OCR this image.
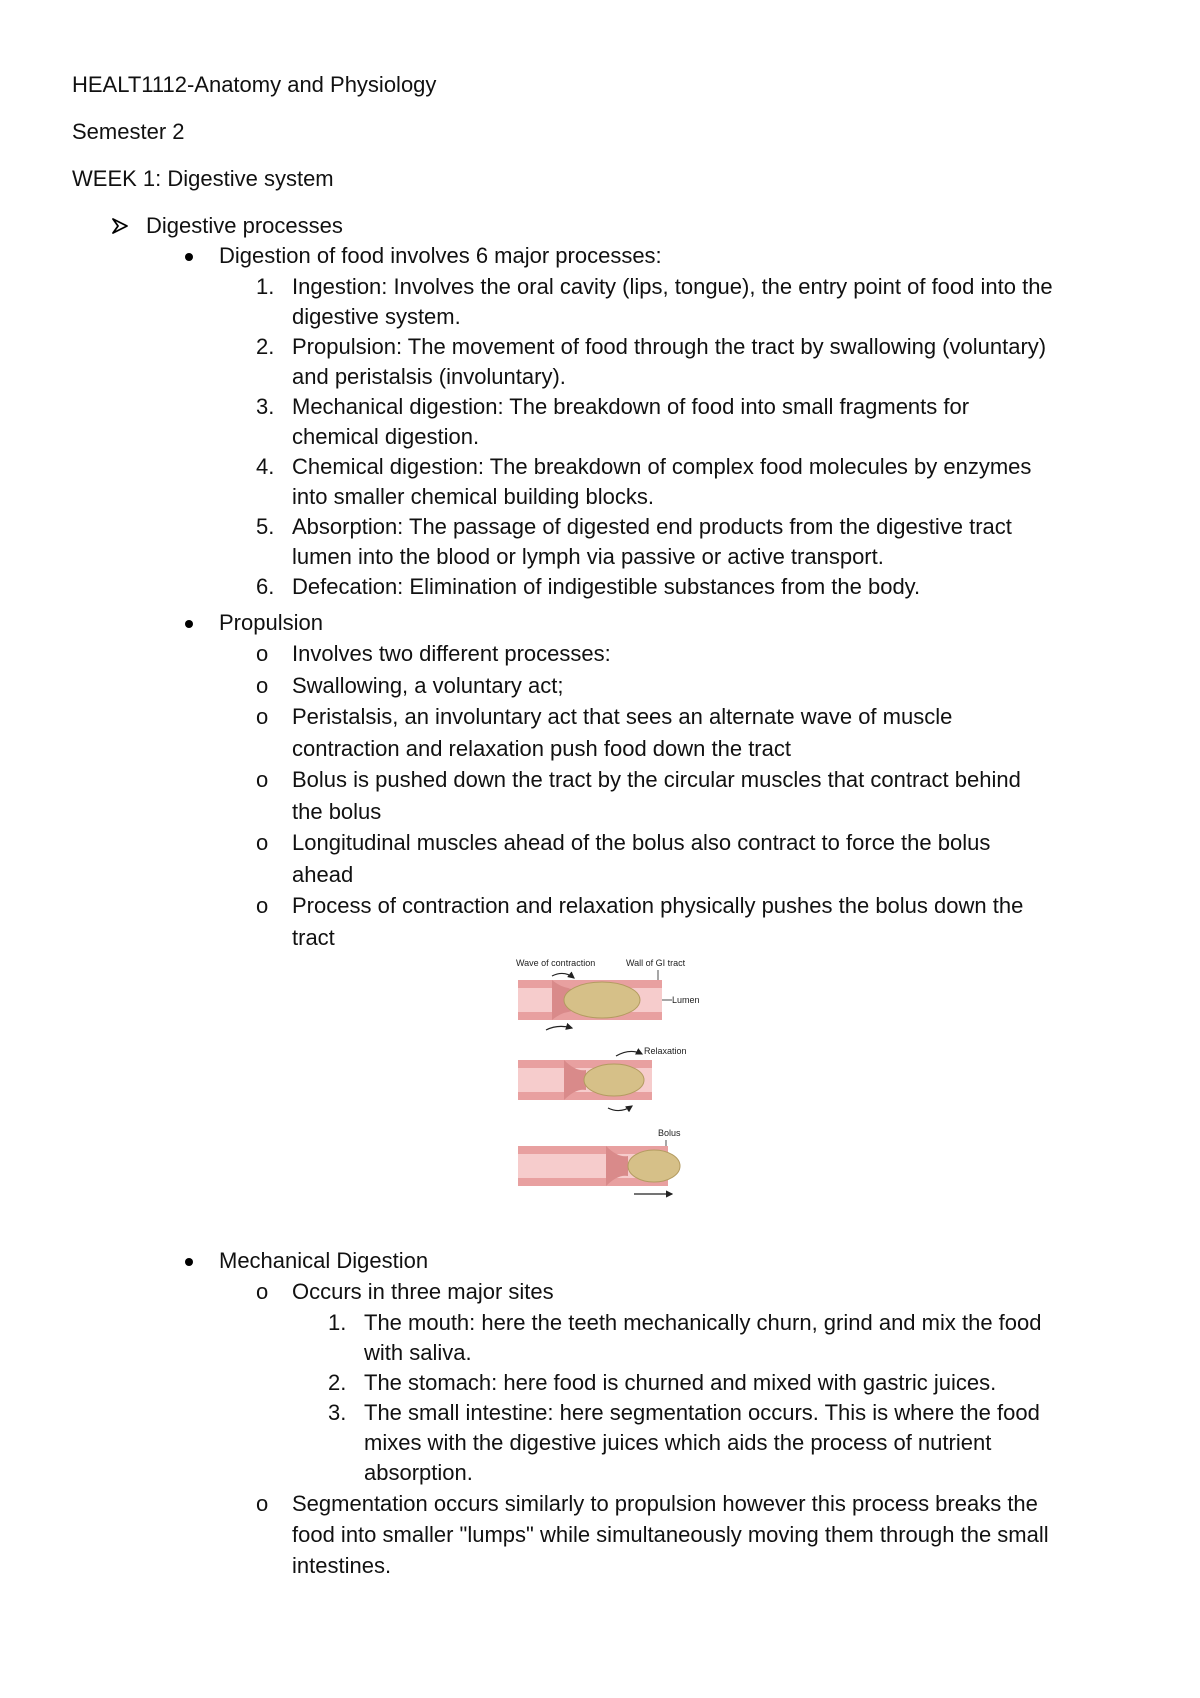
HEALT1112-Anatomy and Physiology
Semester 2
WEEK 1: Digestive system
Digestive processes
Digestion of food involves 6 major processes:
1. Ingestion: Involves the oral cavity (lips, tongue), the entry point of food into the
digestive system.
2. Propulsion: The movement of food through the tract by swallowing (voluntary)
and peristalsis (involuntary).
3. Mechanical digestion: The breakdown of food into small fragments for
chemical digestion.
4. Chemical digestion: The breakdown of complex food molecules by enzymes
into smaller chemical building blocks.
5. Absorption: The passage of digested end products from the digestive tract
lumen into the blood or lymph via passive or active transport.
6. Defecation: Elimination of indigestible substances from the body.
Propulsion
o Involves two different processes:
o Swallowing, a voluntary act;
o Peristalsis, an involuntary act that sees an alternate wave of muscle
contraction and relaxation push food down the tract
o Bolus is pushed down the tract by the circular muscles that contract behind
the bolus
o Longitudinal muscles ahead of the bolus also contract to force the bolus
ahead
o Process of contraction and relaxation physically pushes the bolus down the
tract
Wave of contraction	Wall of GI tract
Lumen
Relaxation
Bolus
Mechanical Digestion
o Occurs in three major sites
1. The mouth: here the teeth mechanically churn, grind and mix the food
with saliva.
2. The stomach: here food is churned and mixed with gastric juices.
3. The small intestine: here segmentation occurs. This is where the food
mixes with the digestive juices which aids the process of nutrient
absorption.
o Segmentation occurs similarly to propulsion however this process breaks the
food into smaller "lumps" while simultaneously moving them through the small
intestines.
